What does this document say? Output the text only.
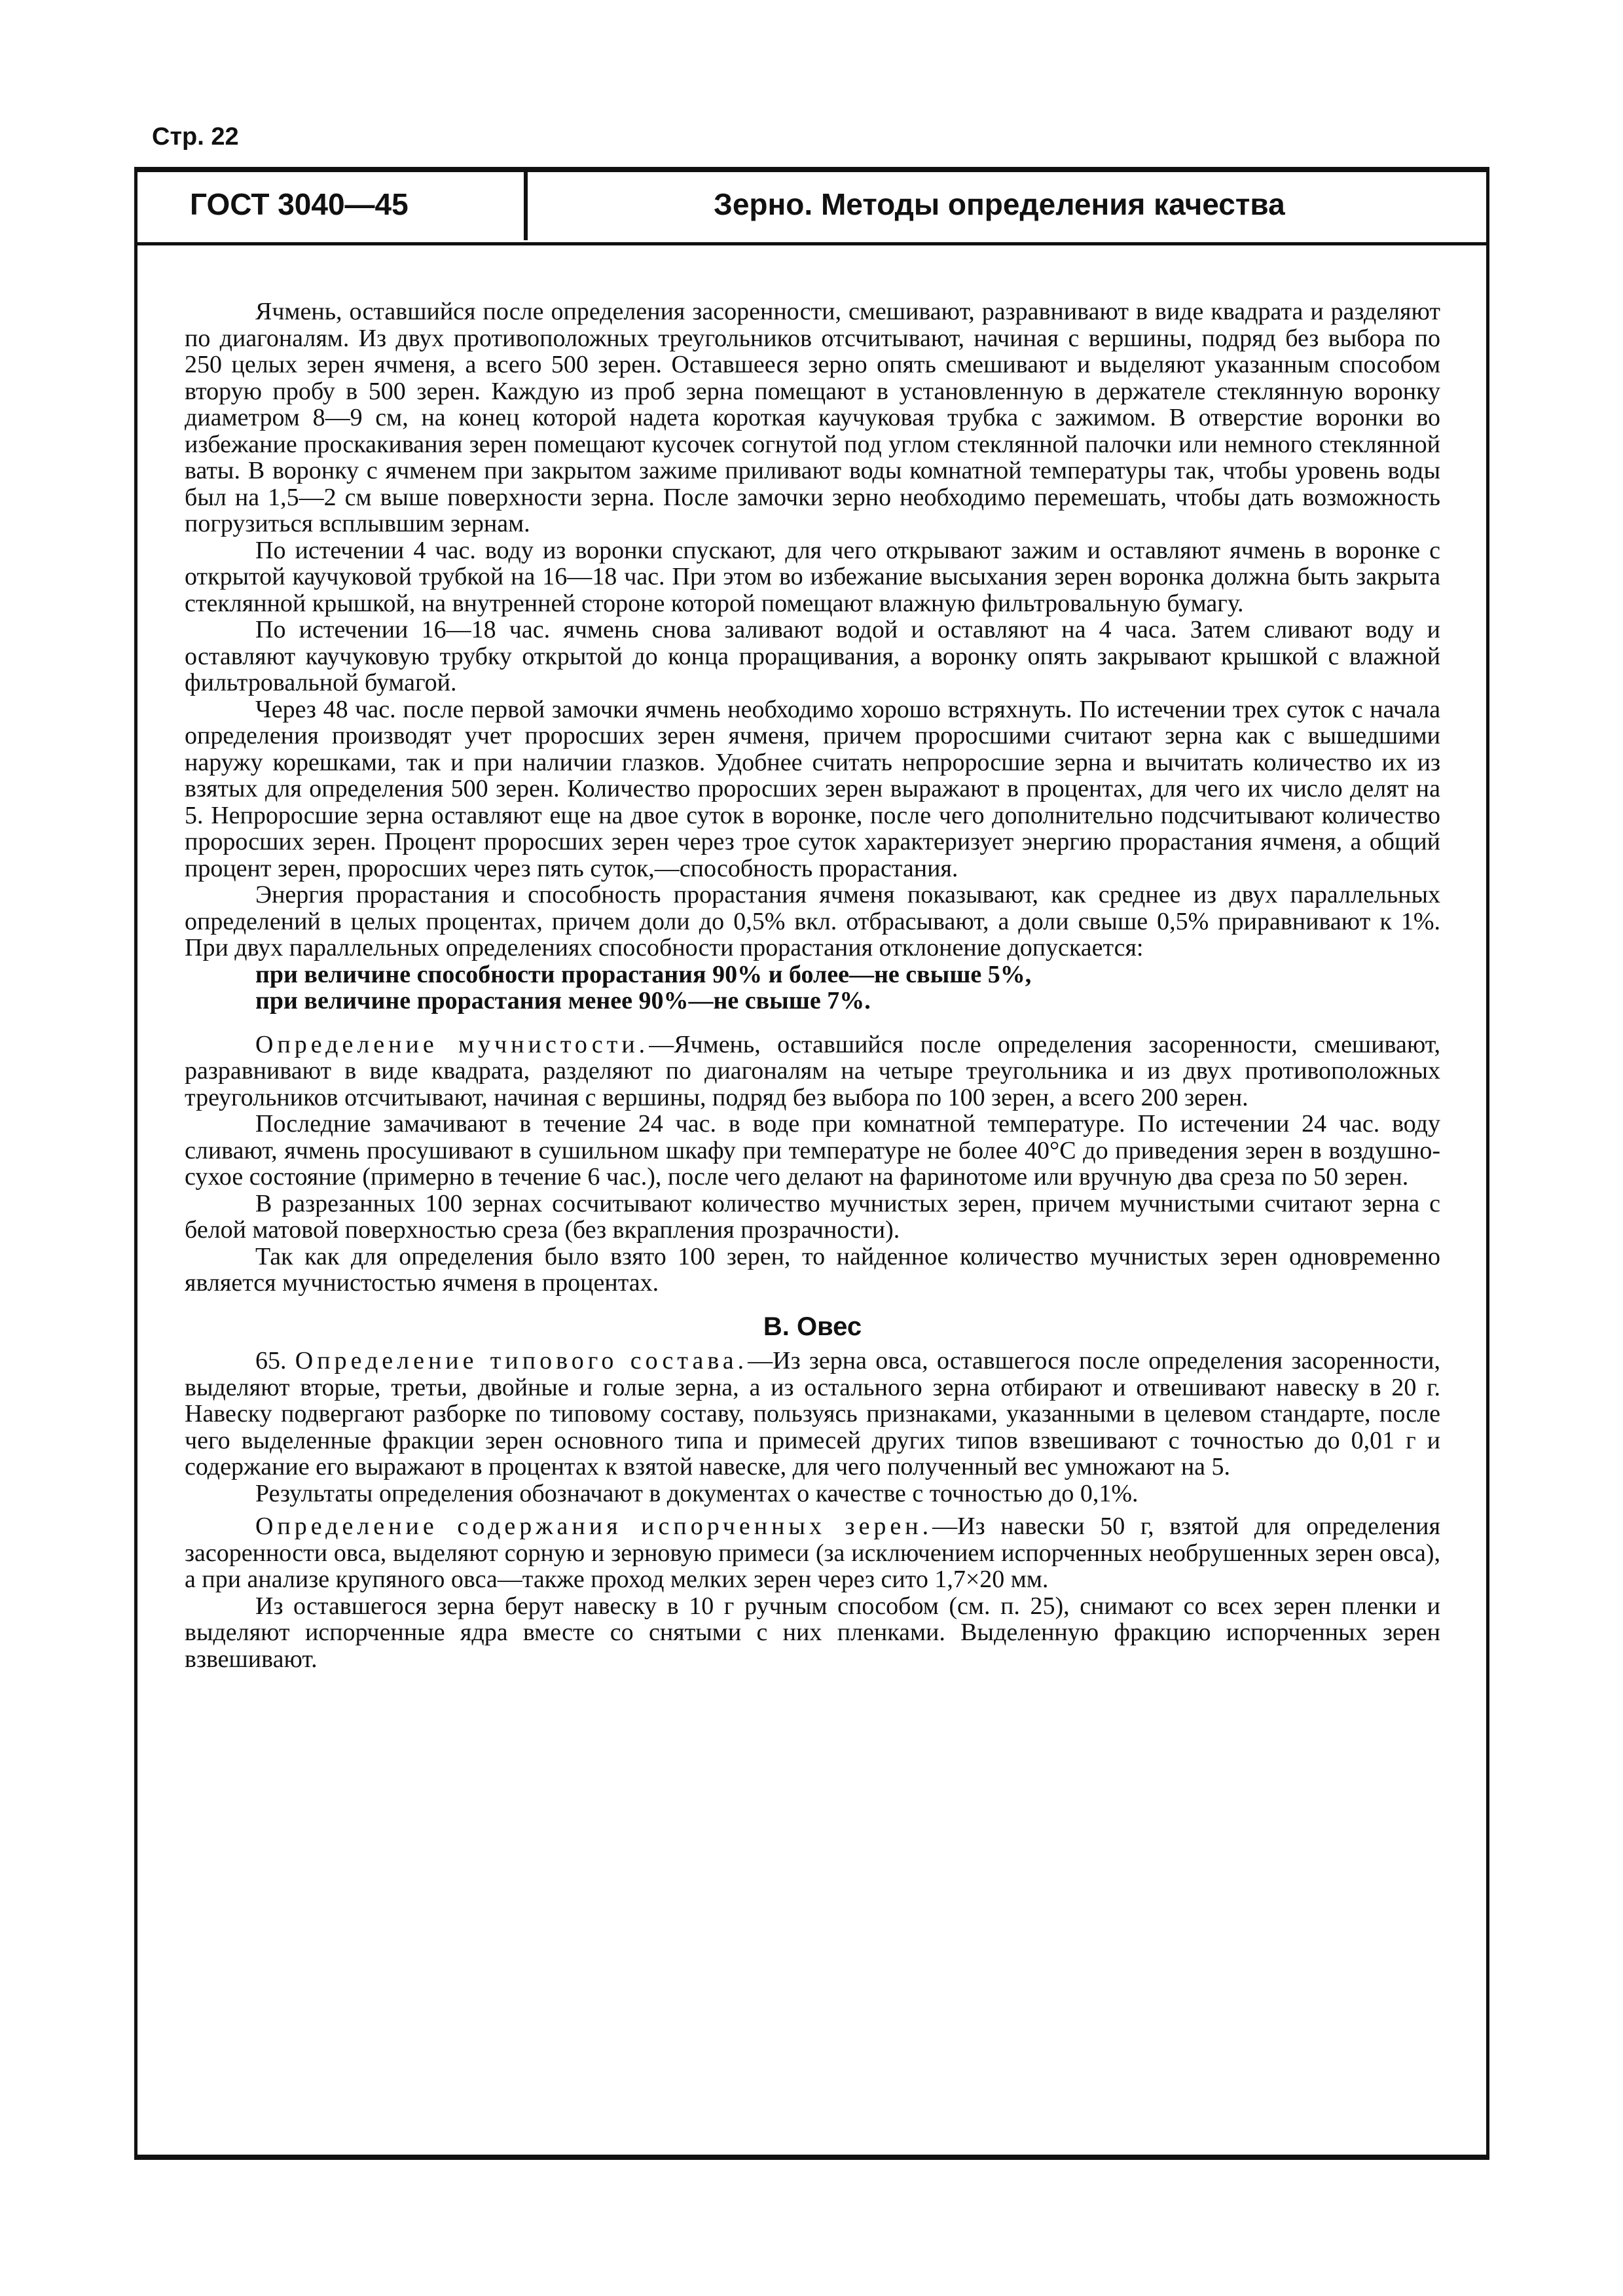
Стр. 22
ГОСТ 3040—45	Зерно. Методы определения качества

Ячмень, оставшийся после определения засоренности, смешивают, разравнивают в виде квадрата и разделяют по диагоналям. Из двух противоположных треугольников отсчитывают, начиная с вершины, подряд без выбора по 250 целых зерен ячменя, а всего 500 зерен. Оставшееся зерно опять смешивают и выделяют указанным способом вторую пробу в 500 зерен. Каждую из проб зерна помещают в установленную в держателе стеклянную воронку диаметром 8—9 см, на конец которой надета короткая каучуковая трубка с зажимом. В отверстие воронки во избежание проскакивания зерен помещают кусочек согнутой под углом стеклянной палочки или немного стеклянной ваты. В воронку с ячменем при закрытом зажиме приливают воды комнатной температуры так, чтобы уровень воды был на 1,5—2 см выше поверхности зерна. После замочки зерно необходимо перемешать, чтобы дать возможность погрузиться всплывшим зернам.

По истечении 4 час. воду из воронки спускают, для чего открывают зажим и оставляют ячмень в воронке с открытой каучуковой трубкой на 16—18 час. При этом во избежание высыхания зерен воронка должна быть закрыта стеклянной крышкой, на внутренней стороне которой помещают влажную фильтровальную бумагу.

По истечении 16—18 час. ячмень снова заливают водой и оставляют на 4 часа. Затем сливают воду и оставляют каучуковую трубку открытой до конца проращивания, а воронку опять закрывают крышкой с влажной фильтровальной бумагой.

Через 48 час. после первой замочки ячмень необходимо хорошо встряхнуть. По истечении трех суток с начала определения производят учет проросших зерен ячменя, причем проросшими считают зерна как с вышедшими наружу корешками, так и при наличии глазков. Удобнее считать непроросшие зерна и вычитать количество их из взятых для определения 500 зерен. Количество проросших зерен выражают в процентах, для чего их число делят на 5. Непроросшие зерна оставляют еще на двое суток в воронке, после чего дополнительно подсчитывают количество проросших зерен. Процент проросших зерен через трое суток характеризует энергию прорастания ячменя, а общий процент зерен, проросших через пять суток,—способность прорастания.

Энергия прорастания и способность прорастания ячменя показывают, как среднее из двух параллельных определений в целых процентах, причем доли до 0,5% вкл. отбрасывают, а доли свыше 0,5% приравнивают к 1%. При двух параллельных определениях способности прорастания отклонение допускается:

при величине способности прорастания 90% и более—не свыше 5%,

при величине прорастания менее 90%—не свыше 7%.

Определение мучнистости.—Ячмень, оставшийся после определения засоренности, смешивают, разравнивают в виде квадрата, разделяют по диагоналям на четыре треугольника и из двух противоположных треугольников отсчитывают, начиная с вершины, подряд без выбора по 100 зерен, а всего 200 зерен.

Последние замачивают в течение 24 час. в воде при комнатной температуре. По истечении 24 час. воду сливают, ячмень просушивают в сушильном шкафу при температуре не более 40°С до приведения зерен в воздушно-сухое состояние (примерно в течение 6 час.), после чего делают на фаринотоме или вручную два среза по 50 зерен.

В разрезанных 100 зернах сосчитывают количество мучнистых зерен, причем мучнистыми считают зерна с белой матовой поверхностью среза (без вкрапления прозрачности).

Так как для определения было взято 100 зерен, то найденное количество мучнистых зерен одновременно является мучнистостью ячменя в процентах.

В. Овес

65. Определение типового состава.—Из зерна овса, оставшегося после определения засоренности, выделяют вторые, третьи, двойные и голые зерна, а из остального зерна отбирают и отвешивают навеску в 20 г. Навеску подвергают разборке по типовому составу, пользуясь признаками, указанными в целевом стандарте, после чего выделенные фракции зерен основного типа и примесей других типов взвешивают с точностью до 0,01 г и содержание его выражают в процентах к взятой навеске, для чего полученный вес умножают на 5.

Результаты определения обозначают в документах о качестве с точностью до 0,1%.

Определение содержания испорченных зерен.—Из навески 50 г, взятой для определения засоренности овса, выделяют сорную и зерновую примеси (за исключением испорченных необрушенных зерен овса), а при анализе крупяного овса—также проход мелких зерен через сито 1,7×20 мм.

Из оставшегося зерна берут навеску в 10 г ручным способом (см. п. 25), снимают со всех зерен пленки и выделяют испорченные ядра вместе со снятыми с них пленками. Выделенную фракцию испорченных зерен взвешивают.
